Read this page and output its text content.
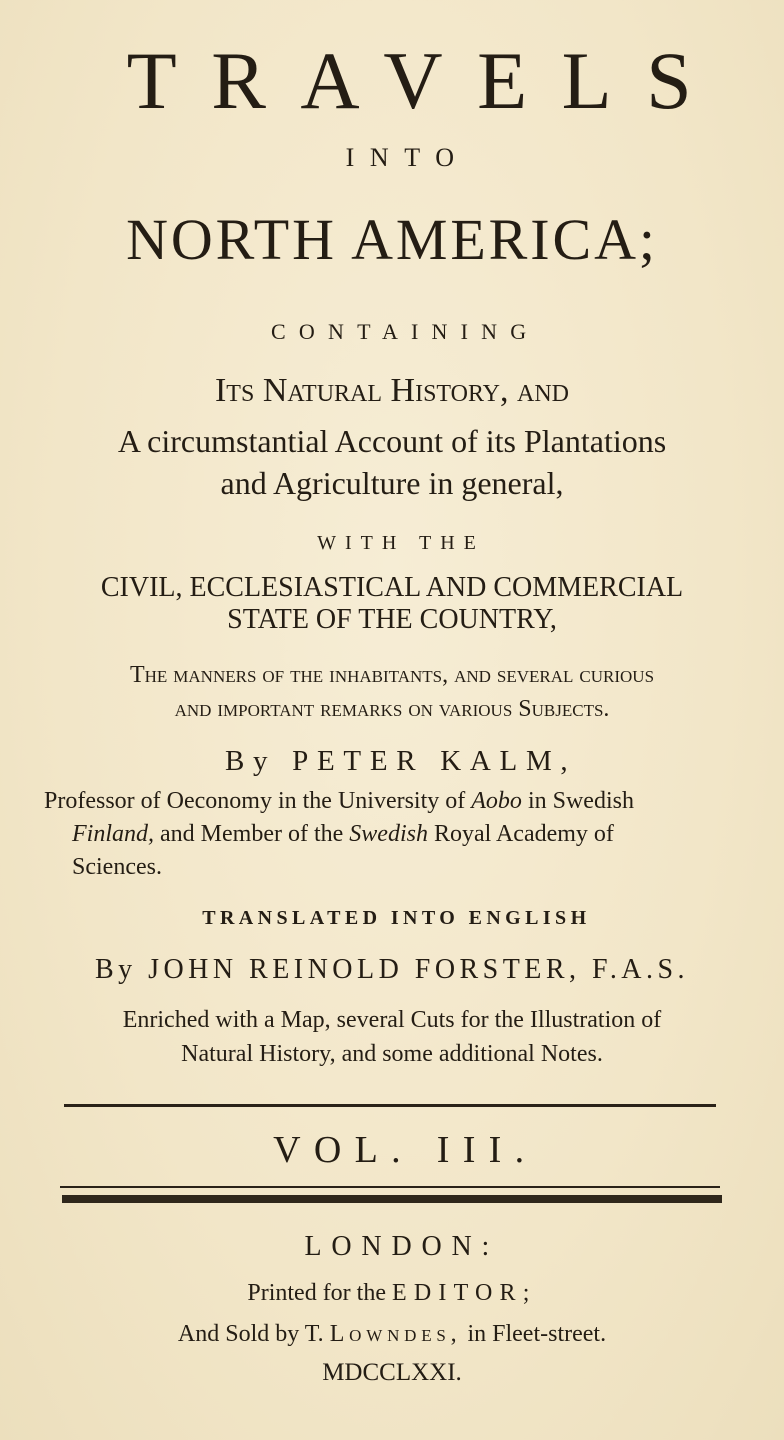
TRAVELS
INTO
NORTH AMERICA;
CONTAINING
Its Natural History, and
A circumstantial Account of its Plantations
and Agriculture in general,
WITH THE
CIVIL, ECCLESIASTICAL AND COMMERCIAL
STATE OF THE COUNTRY,
The manners of the inhabitants, and several curious
and important remarks on various Subjects.
By PETER KALM,
Professor of Oeconomy in the University of Aobo in Swedish
Finland, and Member of the Swedish Royal Academy of
Sciences.
TRANSLATED INTO ENGLISH
By JOHN REINOLD FORSTER, F.A.S.
Enriched with a Map, several Cuts for the Illustration of
Natural History, and some additional Notes.
VOL. III.
LONDON:
Printed for the EDITOR;
And Sold by T. Lowndes, in Fleet-street.
MDCCLXXI.
